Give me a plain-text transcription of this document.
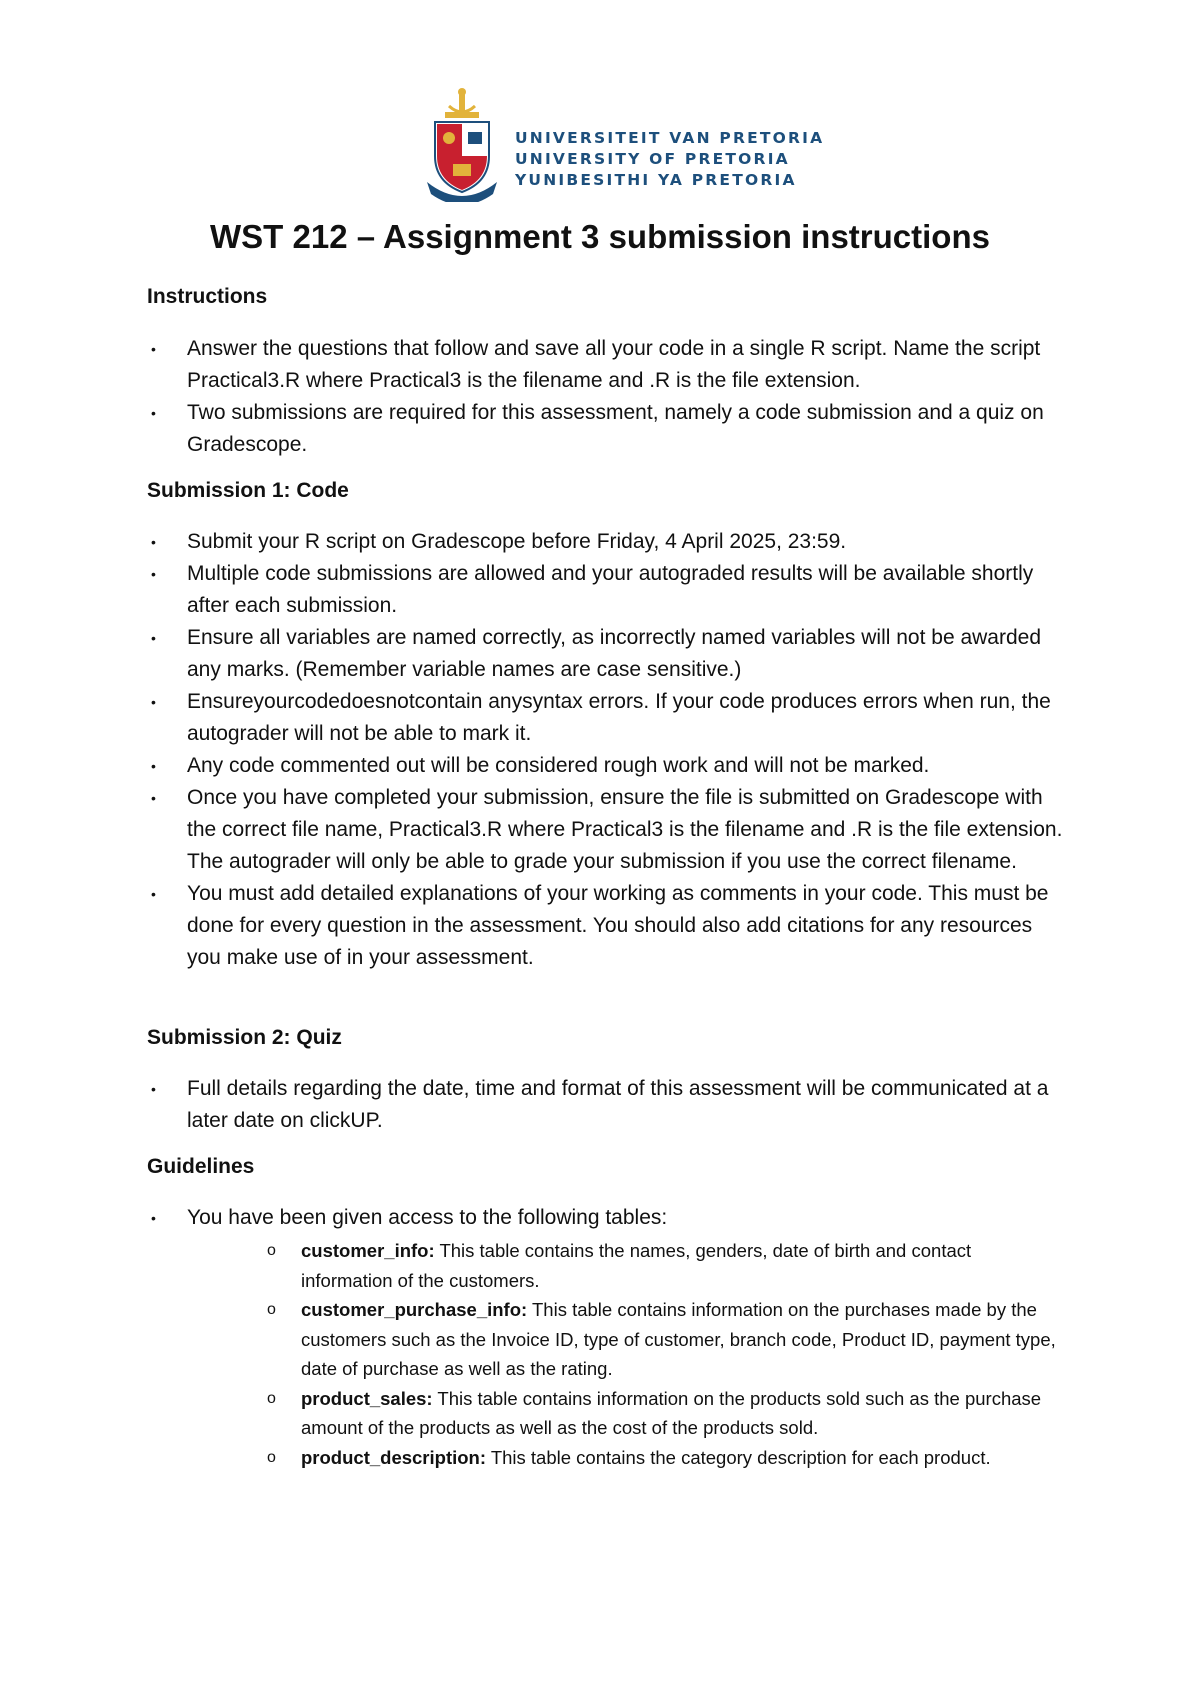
UNIVERSITEIT VAN PRETORIA
UNIVERSITY OF PRETORIA
YUNIBESITHI YA PRETORIA
WST 212 – Assignment 3 submission instructions
Instructions
• Answer the questions that follow and save all your code in a single R script. Name the script Practical3.R where Practical3 is the filename and .R is the file extension.
• Two submissions are required for this assessment, namely a code submission and a quiz on Gradescope.
Submission 1: Code
• Submit your R script on Gradescope before Friday, 4 April 2025, 23:59.
• Multiple code submissions are allowed and your autograded results will be available shortly after each submission.
• Ensure all variables are named correctly, as incorrectly named variables will not be awarded any marks. (Remember variable names are case sensitive.)
• Ensureyourcodedoesnotcontain anysyntax errors. If your code produces errors when run, the autograder will not be able to mark it.
• Any code commented out will be considered rough work and will not be marked.
• Once you have completed your submission, ensure the file is submitted on Gradescope with the correct file name, Practical3.R where Practical3 is the filename and .R is the file extension. The autograder will only be able to grade your submission if you use the correct filename.
• You must add detailed explanations of your working as comments in your code. This must be done for every question in the assessment. You should also add citations for any resources you make use of in your assessment.
Submission 2: Quiz
• Full details regarding the date, time and format of this assessment will be communicated at a later date on clickUP.
Guidelines
• You have been given access to the following tables:
o customer_info: This table contains the names, genders, date of birth and contact information of the customers.
o customer_purchase_info: This table contains information on the purchases made by the customers such as the Invoice ID, type of customer, branch code, Product ID, payment type, date of purchase as well as the rating.
o product_sales: This table contains information on the products sold such as the purchase amount of the products as well as the cost of the products sold.
o product_description: This table contains the category description for each product.
